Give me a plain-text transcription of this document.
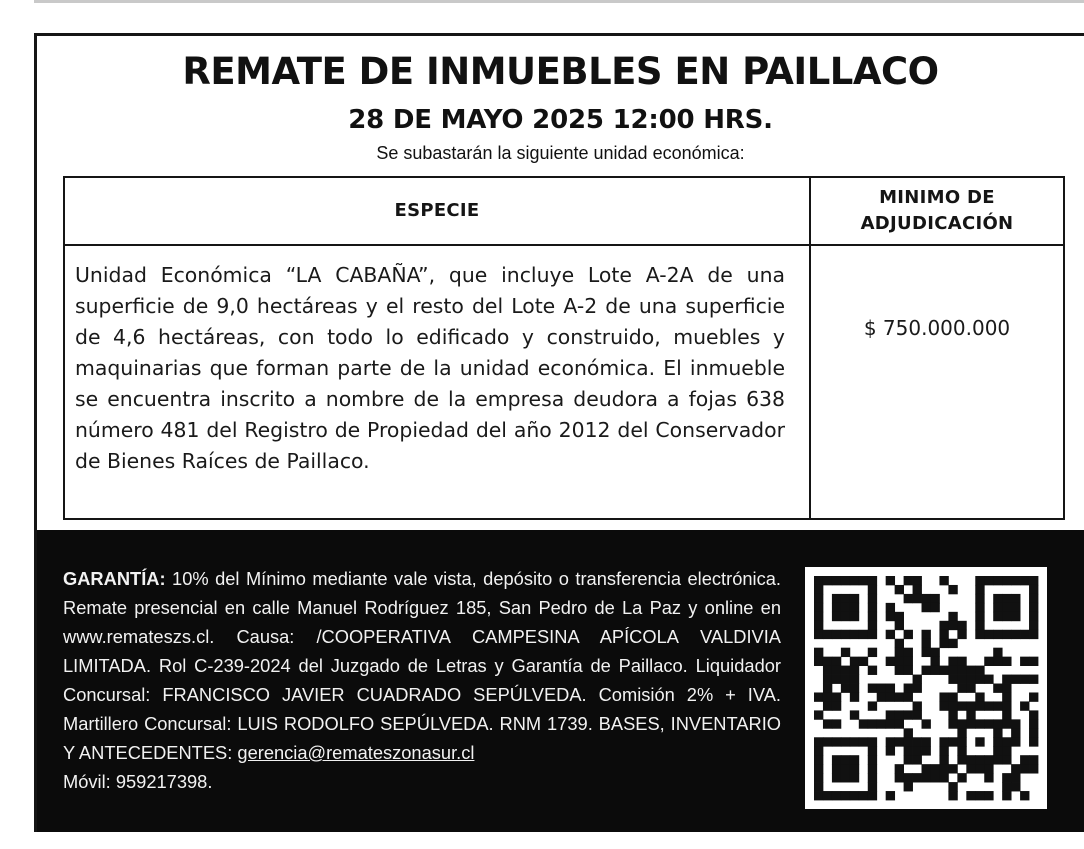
REMATE DE INMUEBLES EN PAILLACO
28 DE MAYO 2025 12:00 HRS.
Se subastarán la siguiente unidad económica:
ESPECIE	MINIMO DE
ADJUDICACIÓN
Unidad Económica “LA CABAÑA”, que incluye Lote A-2A de una superficie de 9,0 hectáreas y el resto del Lote A-2 de una superficie de 4,6 hectáreas, con todo lo edificado y construido, muebles y maquinarias que forman parte de la unidad económica. El inmueble se encuentra inscrito a nombre de la empresa deudora a fojas 638 número 481 del Registro de Propiedad del año 2012 del Conservador de Bienes Raíces de Paillaco.	$ 750.000.000

GARANTÍA: 10% del Mínimo mediante vale vista, depósito o transferencia electrónica. Remate presencial en calle Manuel Rodríguez 185, San Pedro de La Paz y online en www.remateszs.cl. Causa: /COOPERATIVA CAMPESINA APÍCOLA VALDIVIA LIMITADA. Rol C-239-2024 del Juzgado de Letras y Garantía de Paillaco. Liquidador Concursal: FRANCISCO JAVIER CUADRADO SEPÚLVEDA. Comisión 2% + IVA. Martillero Concursal: LUIS RODOLFO SEPÚLVEDA. RNM 1739. BASES, INVENTARIO Y ANTECEDENTES: gerencia@remateszonasur.cl
Móvil: 959217398.
